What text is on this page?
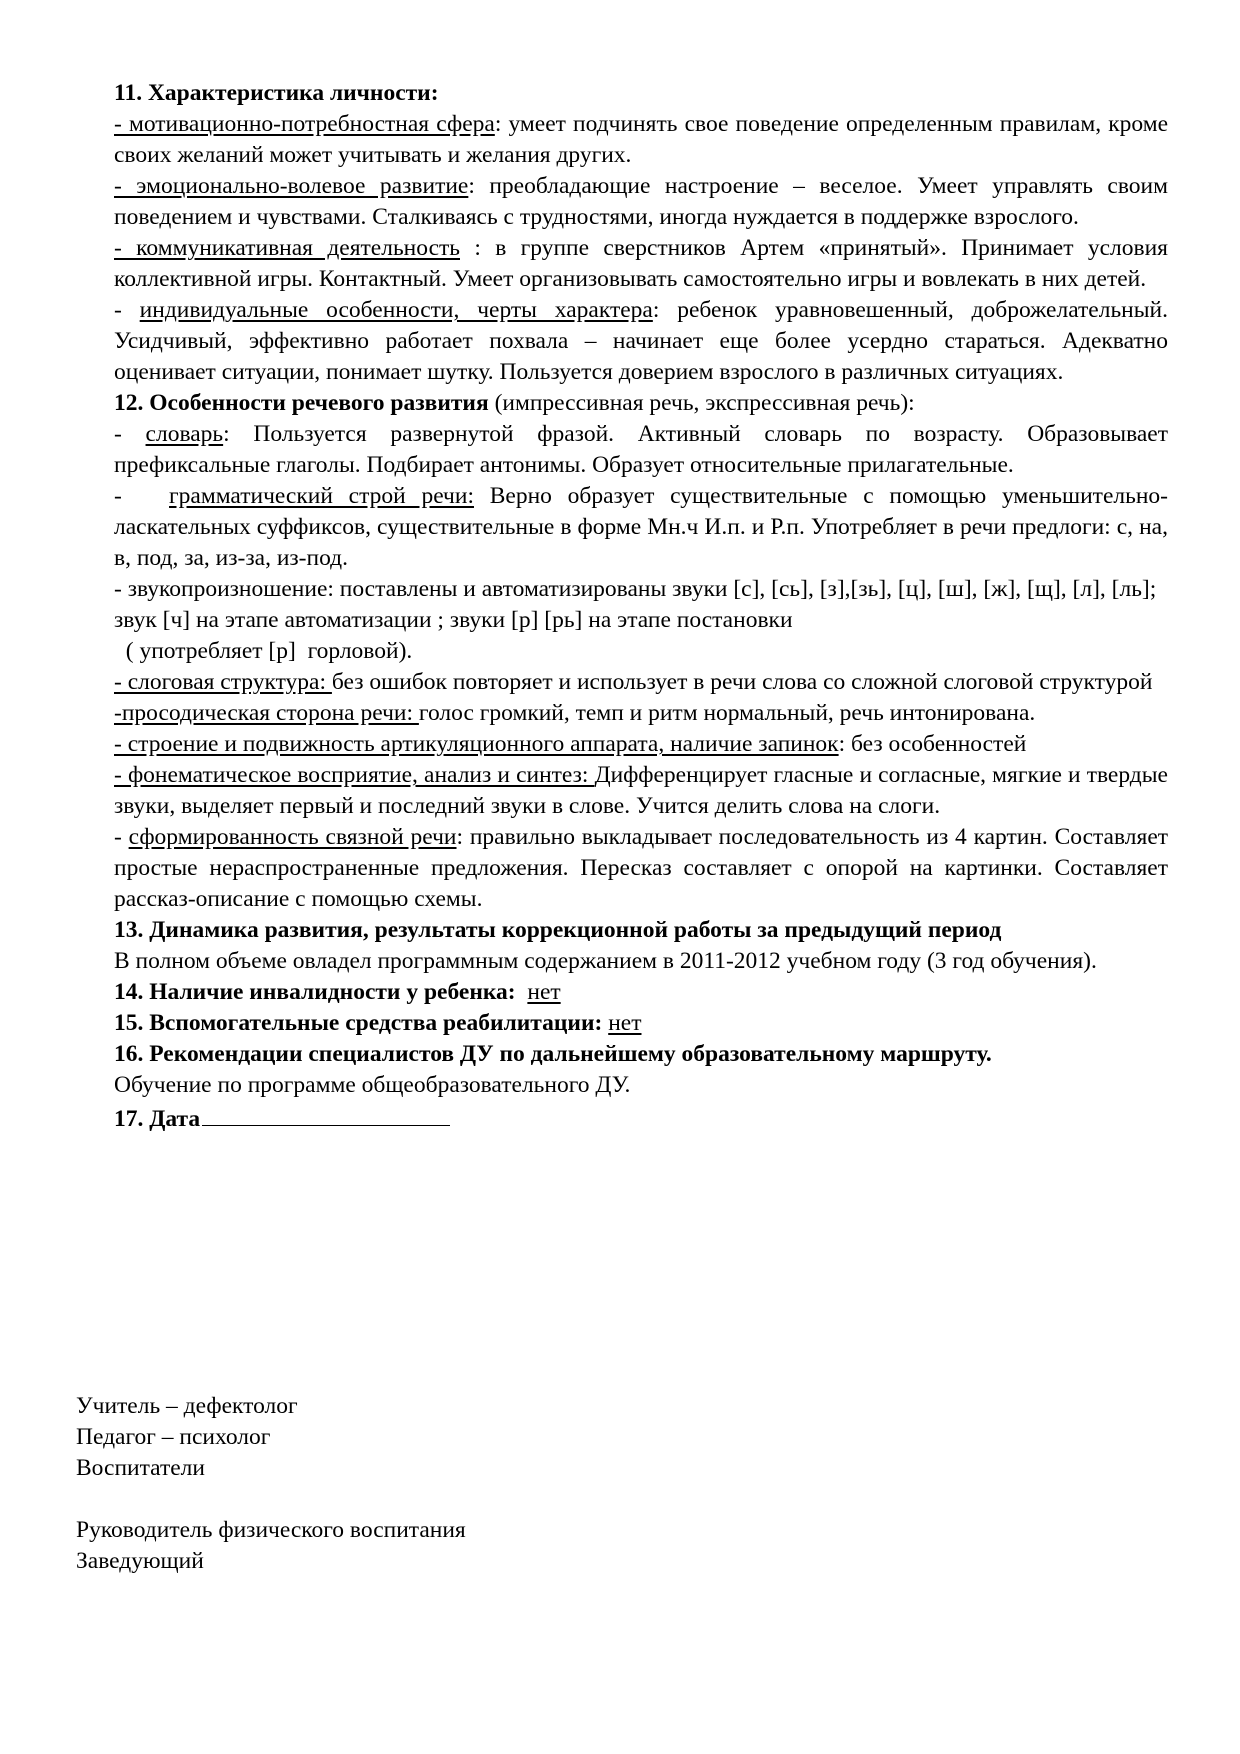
11. Характеристика личности:

- мотивационно-потребностная сфера: умеет подчинять свое поведение определенным правилам, кроме своих желаний может учитывать и желания других.

- эмоционально-волевое развитие: преобладающие настроение – веселое. Умеет управлять своим поведением и чувствами. Сталкиваясь с трудностями, иногда нуждается в поддержке взрослого.

- коммуникативная деятельность : в группе сверстников Артем «принятый». Принимает условия коллективной игры. Контактный. Умеет организовывать самостоятельно игры и вовлекать в них детей.

- индивидуальные особенности, черты характера: ребенок уравновешенный, доброжелательный. Усидчивый, эффективно работает похвала – начинает еще более усердно стараться. Адекватно оценивает ситуации, понимает шутку. Пользуется доверием взрослого в различных ситуациях.

12. Особенности речевого развития (импрессивная речь, экспрессивная речь):

- словарь: Пользуется развернутой фразой. Активный словарь по возрасту. Образовывает префиксальные глаголы. Подбирает антонимы. Образует относительные прилагательные.

-   грамматический строй речи: Верно образует существительные с помощью уменьшительно-ласкательных суффиксов, существительные в форме Мн.ч И.п. и Р.п. Употребляет в речи предлоги: с, на, в, под, за, из-за, из-под.

- звукопроизношение: поставлены и автоматизированы звуки [с], [сь], [з],[зь], [ц], [ш], [ж], [щ], [л], [ль]; звук [ч] на этапе автоматизации ; звуки [р] [рь] на этапе постановки

( употребляет [р]  горловой).

- слоговая структура: без ошибок повторяет и использует в речи слова со сложной слоговой структурой

-просодическая сторона речи: голос громкий, темп и ритм нормальный, речь интонирована.

- строение и подвижность артикуляционного аппарата, наличие запинок: без особенностей

- фонематическое восприятие, анализ и синтез: Дифференцирует гласные и согласные, мягкие и твердые звуки, выделяет первый и последний звуки в слове. Учится делить слова на слоги.

- сформированность связной речи: правильно выкладывает последовательность из 4 картин. Составляет простые нераспространенные предложения. Пересказ составляет с опорой на картинки. Составляет рассказ-описание с помощью схемы.

13. Динамика развития, результаты коррекционной работы за предыдущий период

В полном объеме овладел программным содержанием в 2011-2012 учебном году (3 год обучения).

14. Наличие инвалидности у ребенка: нет

15. Вспомогательные средства реабилитации: нет

16. Рекомендации специалистов ДУ по дальнейшему образовательному маршруту.

Обучение по программе общеобразовательного ДУ.

17. Дата

Учитель – дефектолог

Педагог – психолог

Воспитатели

Руководитель физического воспитания

Заведующий
